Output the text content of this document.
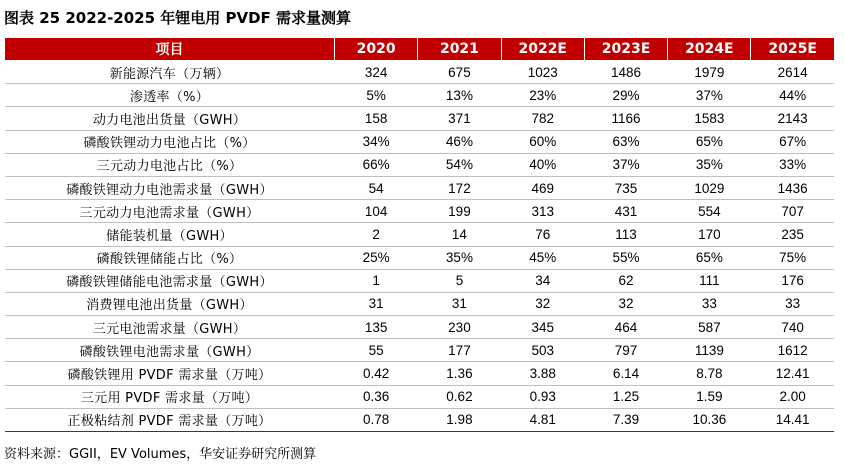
图表 25 2022-2025 年锂电用 PVDF 需求量测算
项目	2020	2021	2022E	2023E	2024E	2025E
新能源汽车（万辆）	324	675	1023	1486	1979	2614
渗透率（%）	5%	13%	23%	29%	37%	44%
动力电池出货量（GWH）	158	371	782	1166	1583	2143
磷酸铁锂动力电池占比（%）	34%	46%	60%	63%	65%	67%
三元动力电池占比（%）	66%	54%	40%	37%	35%	33%
磷酸铁锂动力电池需求量（GWH）	54	172	469	735	1029	1436
三元动力电池需求量（GWH）	104	199	313	431	554	707
储能装机量（GWH）	2	14	76	113	170	235
磷酸铁锂储能占比（%）	25%	35%	45%	55%	65%	75%
磷酸铁锂储能电池需求量（GWH）	1	5	34	62	111	176
消费锂电池出货量（GWH）	31	31	32	32	33	33
三元电池需求量（GWH）	135	230	345	464	587	740
磷酸铁锂电池需求量（GWH）	55	177	503	797	1139	1612
磷酸铁锂用 PVDF 需求量（万吨）	0.42	1.36	3.88	6.14	8.78	12.41
三元用 PVDF 需求量（万吨）	0.36	0.62	0.93	1.25	1.59	2.00
正极粘结剂 PVDF 需求量（万吨）	0.78	1.98	4.81	7.39	10.36	14.41
资料来源：GGII，EV Volumes，华安证券研究所测算
